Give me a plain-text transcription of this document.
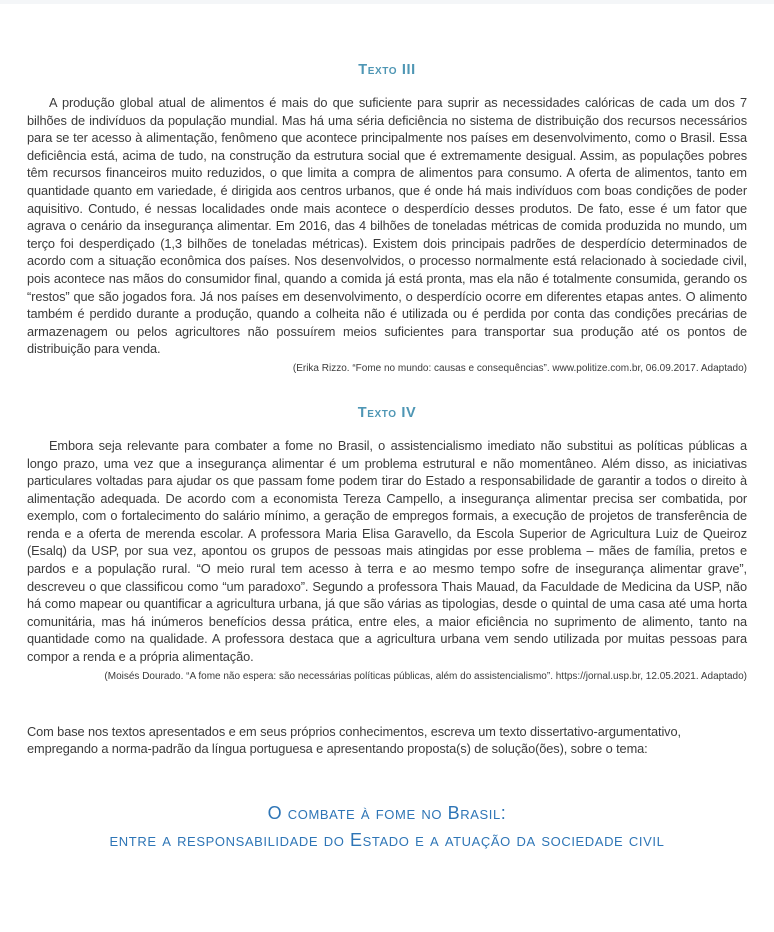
Texto III

A produção global atual de alimentos é mais do que suficiente para suprir as necessidades calóricas de cada um dos 7 bilhões de indivíduos da população mundial. Mas há uma séria deficiência no sistema de distribuição dos recursos necessários para se ter acesso à alimentação, fenômeno que acontece principalmente nos países em desenvolvimento, como o Brasil. Essa deficiência está, acima de tudo, na construção da estrutura social que é extremamente desigual. Assim, as populações pobres têm recursos financeiros muito reduzidos, o que limita a compra de alimentos para consumo. A oferta de alimentos, tanto em quantidade quanto em variedade, é dirigida aos centros urbanos, que é onde há mais indivíduos com boas condições de poder aquisitivo. Contudo, é nessas localidades onde mais acontece o desperdício desses produtos. De fato, esse é um fator que agrava o cenário da insegurança alimentar. Em 2016, das 4 bilhões de toneladas métricas de comida produzida no mundo, um terço foi desperdiçado (1,3 bilhões de toneladas métricas). Existem dois principais padrões de desperdício determinados de acordo com a situação econômica dos países. Nos desenvolvidos, o processo normalmente está relacionado à sociedade civil, pois acontece nas mãos do consumidor final, quando a comida já está pronta, mas ela não é totalmente consumida, gerando os “restos” que são jogados fora. Já nos países em desenvolvimento, o desperdício ocorre em diferentes etapas antes. O alimento também é perdido durante a produção, quando a colheita não é utilizada ou é perdida por conta das condições precárias de armazenagem ou pelos agricultores não possuírem meios suficientes para transportar sua produção até os pontos de distribuição para venda.

(Erika Rizzo. “Fome no mundo: causas e consequências”. www.politize.com.br, 06.09.2017. Adaptado)

Texto IV

Embora seja relevante para combater a fome no Brasil, o assistencialismo imediato não substitui as políticas públicas a longo prazo, uma vez que a insegurança alimentar é um problema estrutural e não momentâneo. Além disso, as iniciativas particulares voltadas para ajudar os que passam fome podem tirar do Estado a responsabilidade de garantir a todos o direito à alimentação adequada. De acordo com a economista Tereza Campello, a insegurança alimentar precisa ser combatida, por exemplo, com o fortalecimento do salário mínimo, a geração de empregos formais, a execução de projetos de transferência de renda e a oferta de merenda escolar. A professora Maria Elisa Garavello, da Escola Superior de Agricultura Luiz de Queiroz (Esalq) da USP, por sua vez, apontou os grupos de pessoas mais atingidas por esse problema – mães de família, pretos e pardos e a população rural. “O meio rural tem acesso à terra e ao mesmo tempo sofre de insegurança alimentar grave”, descreveu o que classificou como “um paradoxo”. Segundo a professora Thais Mauad, da Faculdade de Medicina da USP, não há como mapear ou quantificar a agricultura urbana, já que são várias as tipologias, desde o quintal de uma casa até uma horta comunitária, mas há inúmeros benefícios dessa prática, entre eles, a maior eficiência no suprimento de alimento, tanto na quantidade como na qualidade. A professora destaca que a agricultura urbana vem sendo utilizada por muitas pessoas para compor a renda e a própria alimentação.

(Moisés Dourado. “A fome não espera: são necessárias políticas públicas, além do assistencialismo”. https://jornal.usp.br, 12.05.2021. Adaptado)

Com base nos textos apresentados e em seus próprios conhecimentos, escreva um texto dissertativo-argumentativo, empregando a norma-padrão da língua portuguesa e apresentando proposta(s) de solução(ões), sobre o tema:

O combate à fome no Brasil:
entre a responsabilidade do Estado e a atuação da sociedade civil
